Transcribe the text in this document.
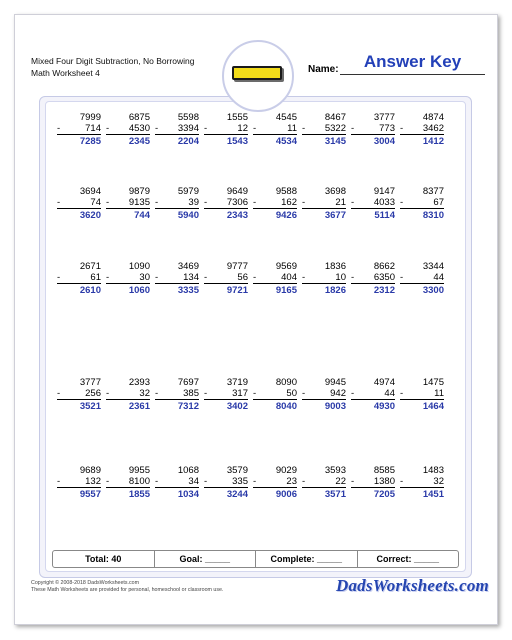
Mixed Four Digit Subtraction, No Borrowing
Math Worksheet 4	Name:	Answer Key
7999
-	714
7285
6875
- 4530
2345
5598
- 3394
2204
1555
-	12
1543
4545
-	11
4534
8467
- 5322
3145
3777
-	773
3004
4874
- 3462
1412
3694
-	74
3620
9879
- 9135
744
5979
-	39
5940
9649
- 7306
2343
9588
-	162
9426
3698
-	21
3677
9147
- 4033
5114
8377
-	67
8310
2671
-	61
2610
1090
-	30
1060
3469
-	134
3335
9777
-	56
9721
9569
-	404
9165
1836
-	10
1826
8662
- 6350
2312
3344
-	44
3300
3777
-	256
3521
2393
-	32
2361
7697
-	385
7312
3719
-	317
3402
8090
-	50
8040
9945
-	942
9003
4974
-	44
4930
1475
-	11
1464
9689
-	132
9557
9955
- 8100
1855
1068
-	34
1034
3579
-	335
3244
9029
-	23
9006
3593
-	22
3571
8585
- 1380
7205
1483
-	32
1451
Total: 40	Goal: _____	Complete: _____	Correct: _____
Copyright © 2008-2018 DadsWorksheets.com
These Math Worksheets are provided for personal, homeschool or classroom use.	DadsWorksheets.com
